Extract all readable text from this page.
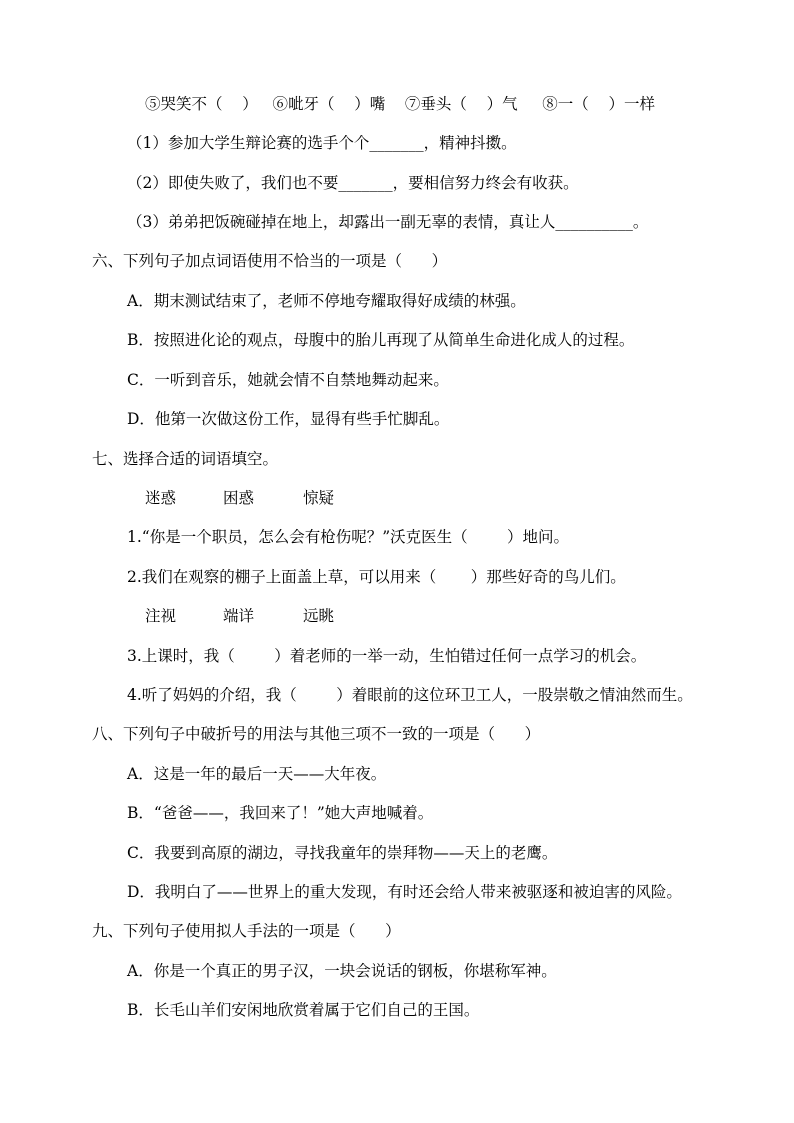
⑤哭笑不（    ）   ⑥呲牙（    ）嘴    ⑦垂头（    ）气     ⑧一（    ）一样
（1）参加大学生辩论赛的选手个个_______，精神抖擞。
（2）即使失败了，我们也不要_______，要相信努力终会有收获。
（3）弟弟把饭碗碰掉在地上，却露出一副无辜的表情，真让人__________。
六、下列句子加点词语使用不恰当的一项是（      ）
A．期末测试结束了，老师不停地夸耀取得好成绩的林强。
B．按照进化论的观点，母腹中的胎儿再现了从简单生命进化成人的过程。
C．一听到音乐，她就会情不自禁地舞动起来。
D．他第一次做这份工作，显得有些手忙脚乱。
七、选择合适的词语填空。

迷惑

	困惑

	惊疑

1.“你是一个职员，怎么会有枪伤呢？”沃克医生（        ）地问。
2.我们在观察的棚子上面盖上草，可以用来（       ）那些好奇的鸟儿们。

注视

	端详

	远眺

3.上课时，我（        ）着老师的一举一动，生怕错过任何一点学习的机会。
4.听了妈妈的介绍，我（        ）着眼前的这位环卫工人，一股崇敬之情油然而生。
八、下列句子中破折号的用法与其他三项不一致的一项是（      ）
A．这是一年的最后一天——大年夜。
B．“爸爸——，我回来了！”她大声地喊着。
C．我要到高原的湖边，寻找我童年的崇拜物——天上的老鹰。
D．我明白了——世界上的重大发现，有时还会给人带来被驱逐和被迫害的风险。
九、下列句子使用拟人手法的一项是（      ）
A．你是一个真正的男子汉，一块会说话的钢板，你堪称军神。
B．长毛山羊们安闲地欣赏着属于它们自己的王国。
